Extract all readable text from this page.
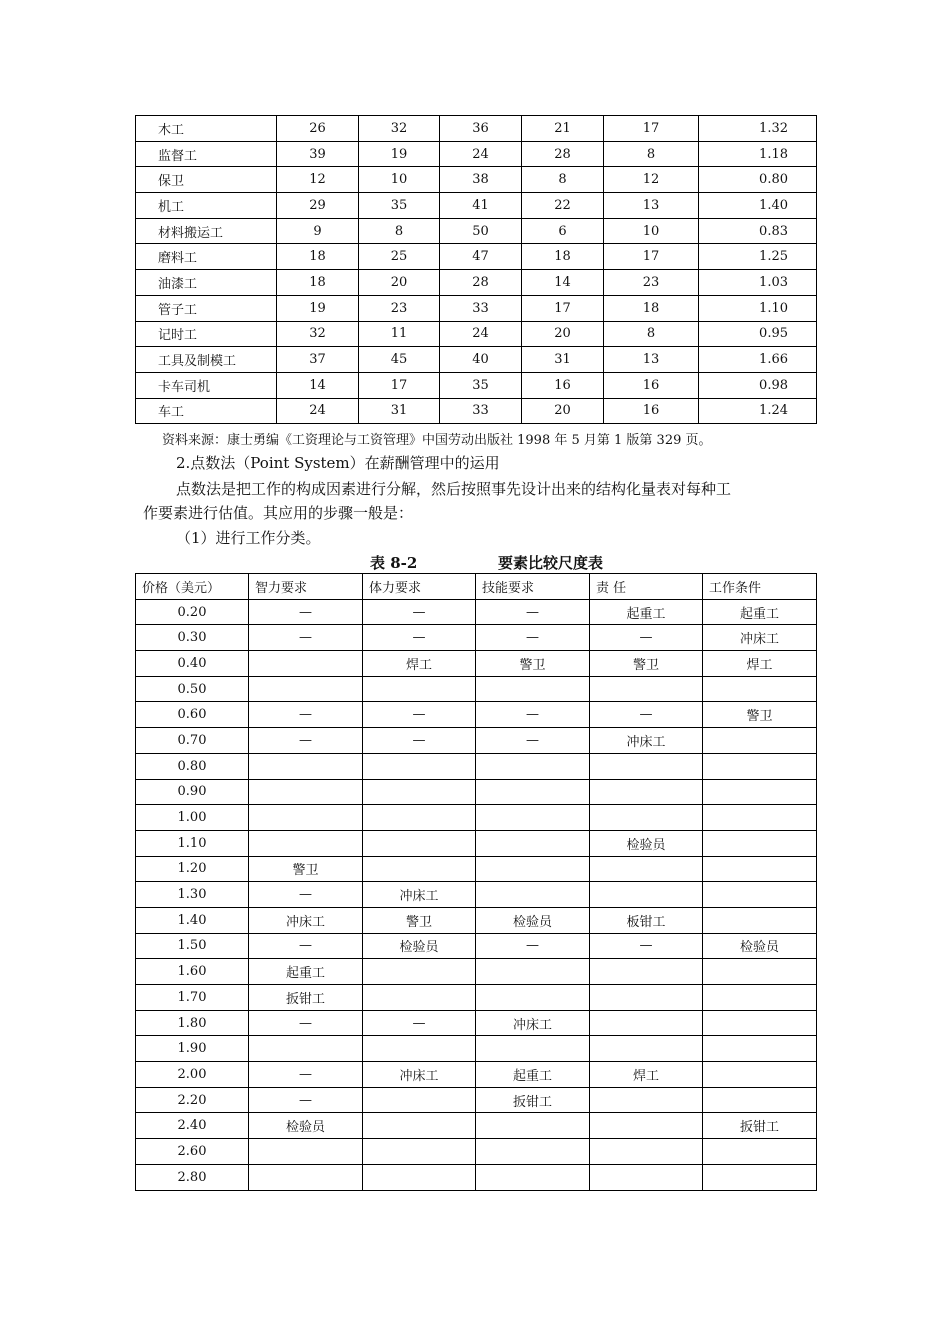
木工	26	32	36	21	17	1.32
监督工	39	19	24	28	8	1.18
保卫	12	10	38	8	12	0.80
机工	29	35	41	22	13	1.40
材料搬运工	9	8	50	6	10	0.83
磨料工	18	25	47	18	17	1.25
油漆工	18	20	28	14	23	1.03
管子工	19	23	33	17	18	1.10
记时工	32	11	24	20	8	0.95
工具及制模工	37	45	40	31	13	1.66
卡车司机	14	17	35	16	16	0.98
车工	24	31	33	20	16	1.24
资料来源：康士勇编《工资理论与工资管理》中国劳动出版社 1998 年 5 月第 1 版第 329 页。
2.点数法（Point System）在薪酬管理中的运用
点数法是把工作的构成因素进行分解，然后按照事先设计出来的结构化量表对每种工
作要素进行估值。其应用的步骤一般是：
（1）进行工作分类。
表 8-2	要素比较尺度表
价格（美元）	智力要求	体力要求	技能要求	责 任	工作条件
0.20	—	—	—	起重工	起重工
0.30	—	—	—	—	冲床工
0.40		焊工	警卫	警卫	焊工
0.50					
0.60	—	—	—	—	警卫
0.70	—	—	—	冲床工	
0.80					
0.90					
1.00					
1.10				检验员	
1.20	警卫				
1.30	—	冲床工			
1.40	冲床工	警卫	检验员	板钳工	
1.50	—	检验员	—	—	检验员
1.60	起重工				
1.70	扳钳工				
1.80	—	—	冲床工		
1.90					
2.00	—	冲床工	起重工	焊工	
2.20	—		扳钳工		
2.40	检验员				扳钳工
2.60					
2.80					
